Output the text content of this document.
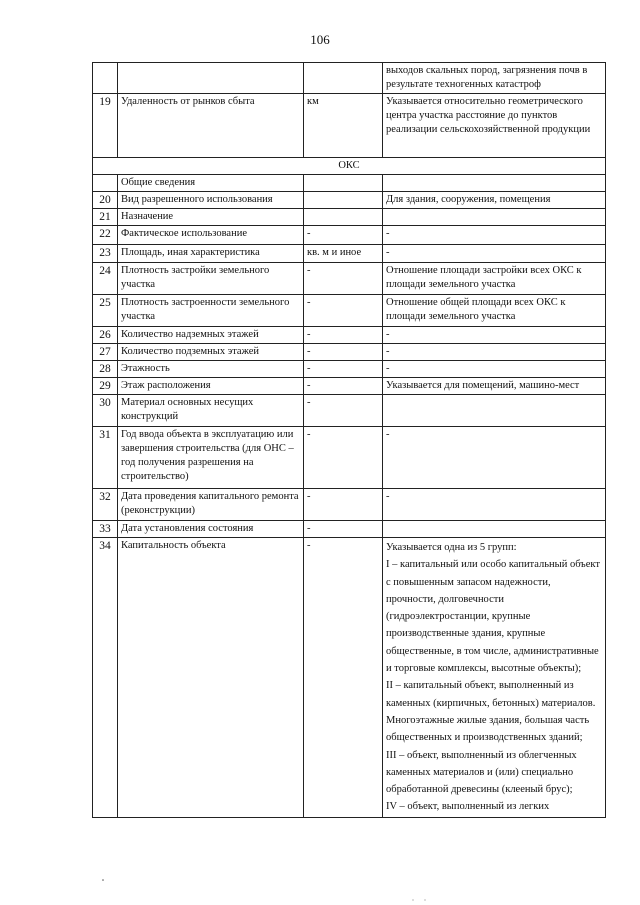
106
			выходов скальных пород, загрязнения почв в результате техногенных катастроф
19	Удаленность от рынков сбыта	км	Указывается относительно геометрического центра участка расстояние до пунктов реализации сельскохозяйственной продукции
ОКС			
	Общие сведения		
20	Вид разрешенного использования		Для здания, сооружения, помещения
21	Назначение		
22	Фактическое использование	-	-
23	Площадь, иная характеристика	кв. м и иное	-
24	Плотность застройки земельного участка	-	Отношение площади застройки всех ОКС к площади земельного участка
25	Плотность застроенности земельного участка	-	Отношение общей площади всех ОКС к площади земельного участка
26	Количество надземных этажей	-	-
27	Количество подземных этажей	-	-
28	Этажность	-	-
29	Этаж расположения	-	Указывается для помещений, машино-мест
30	Материал основных несущих конструкций	-	
31	Год ввода объекта в эксплуатацию или завершения строительства (для ОНС – год получения разрешения на строительство)	-	-
32	Дата проведения капитального ремонта (реконструкции)	-	-
33	Дата установления состояния	-	
34	Капитальность объекта	-	Указывается одна из 5 групп:
I – капитальный или особо капитальный объект с повышенным запасом надежности, прочности, долговечности (гидроэлектростанции, крупные производственные здания, крупные общественные, в том числе, административные и торговые комплексы, высотные объекты);
II – капитальный объект, выполненный из каменных (кирпичных, бетонных) материалов. Многоэтажные жилые здания, большая часть общественных и производственных зданий;
III – объект, выполненный из облегченных каменных материалов и (или) специально обработанной древесины (клееный брус);
IV – объект, выполненный из легких
